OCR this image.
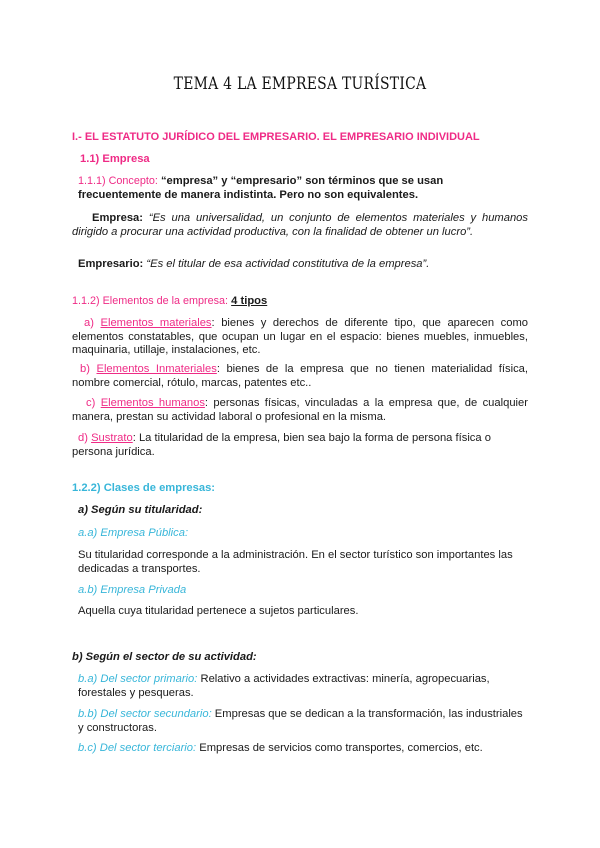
TEMA 4 LA EMPRESA TURÍSTICA
I.- EL ESTATUTO JURÍDICO DEL EMPRESARIO. EL EMPRESARIO INDIVIDUAL
1.1) Empresa
1.1.1) Concepto: “empresa” y “empresario” son términos que se usan frecuentemente de manera indistinta. Pero no son equivalentes.
Empresa: “Es una universalidad, un conjunto de elementos materiales y humanos dirigido a procurar una actividad productiva, con la finalidad de obtener un lucro”.
Empresario: “Es el titular de esa actividad constitutiva de la empresa”.
1.1.2) Elementos de la empresa: 4 tipos
a) Elementos materiales: bienes y derechos de diferente tipo, que aparecen como elementos constatables, que ocupan un lugar en el espacio: bienes muebles, inmuebles, maquinaria, utillaje, instalaciones, etc.
b) Elementos Inmateriales: bienes de la empresa que no tienen materialidad física, nombre comercial, rótulo, marcas, patentes etc..
c) Elementos humanos: personas físicas, vinculadas a la empresa que, de cualquier manera, prestan su actividad laboral o profesional en la misma.
d) Sustrato: La titularidad de la empresa, bien sea bajo la forma de persona física o persona jurídica.
1.2.2) Clases de empresas:
a) Según su titularidad:
a.a) Empresa Pública:
Su titularidad corresponde a la administración. En el sector turístico son importantes las dedicadas a transportes.
a.b) Empresa Privada
Aquella cuya titularidad pertenece a sujetos particulares.
b) Según el sector de su actividad:
b.a) Del sector primario: Relativo a actividades extractivas: minería, agropecuarias, forestales y pesqueras.
b.b) Del sector secundario: Empresas que se dedican a la transformación, las industriales y constructoras.
b.c) Del sector terciario: Empresas de servicios como transportes, comercios, etc.
